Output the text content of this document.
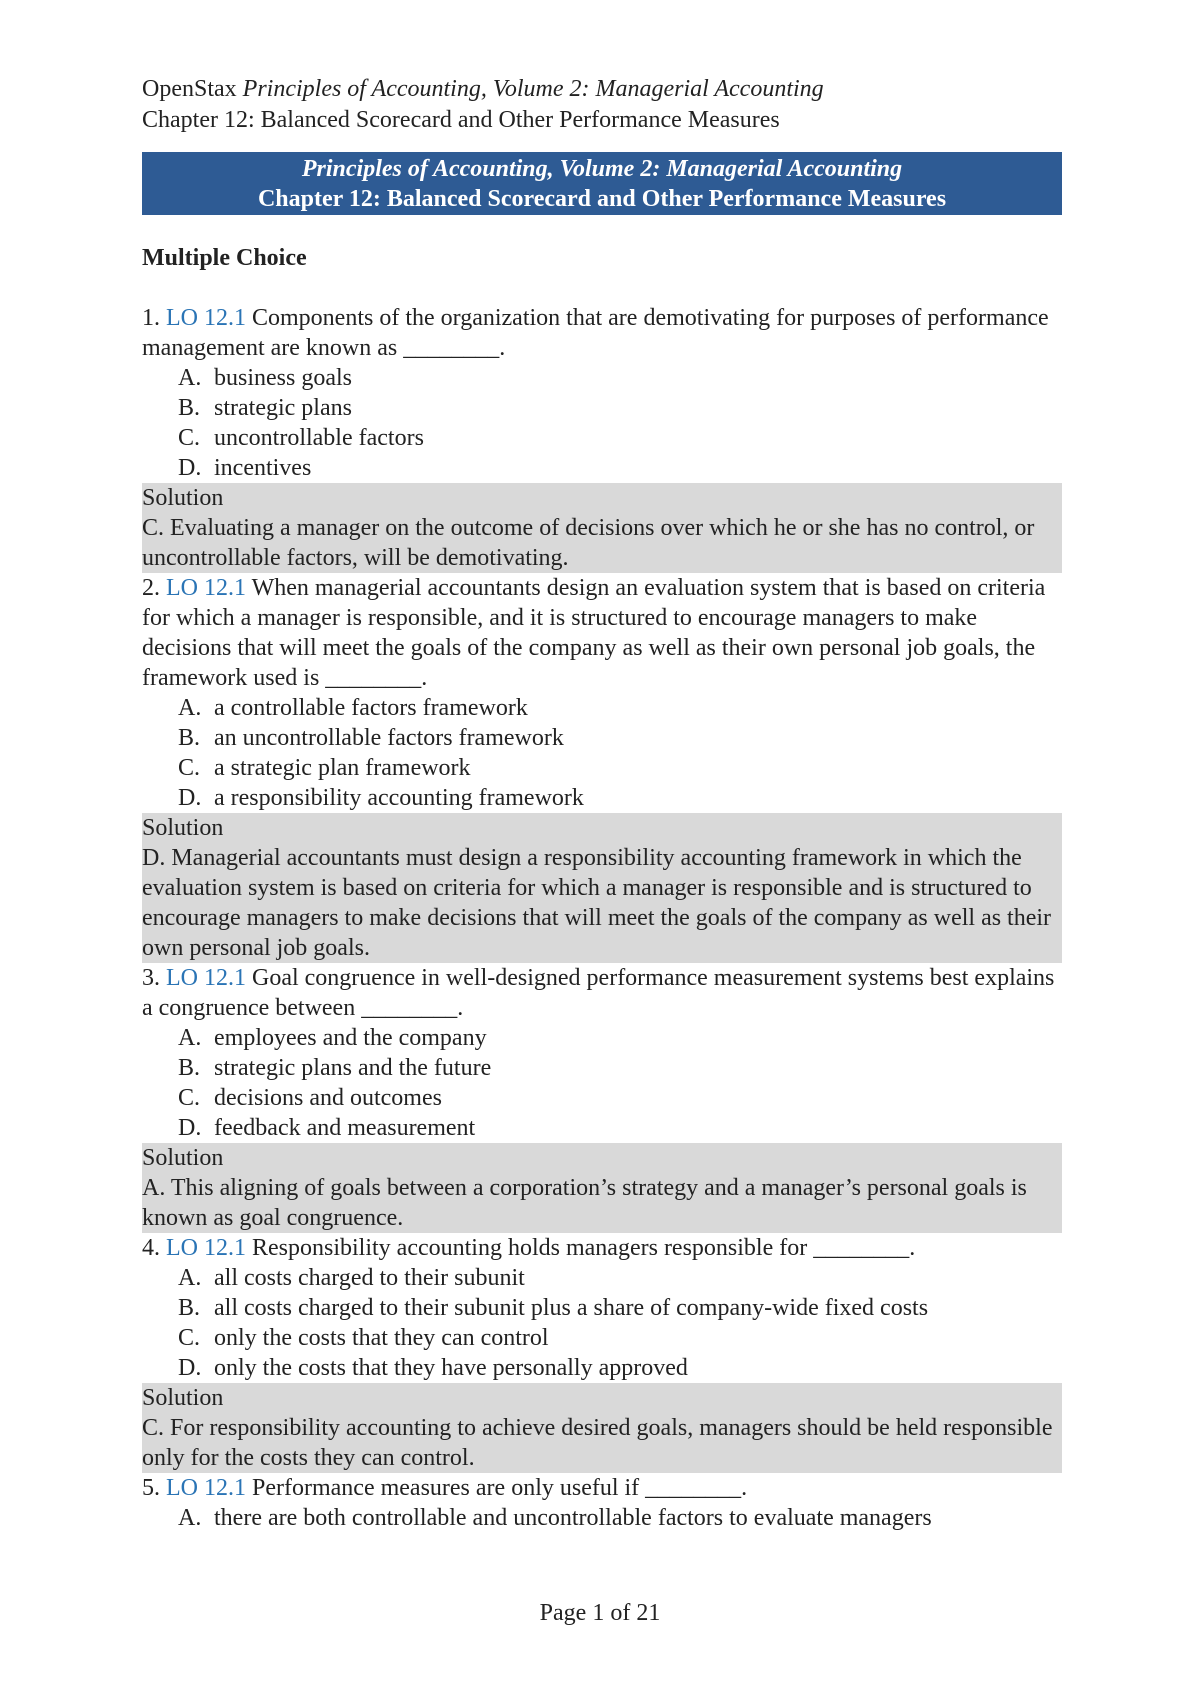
OpenStax Principles of Accounting, Volume 2: Managerial Accounting
Chapter 12: Balanced Scorecard and Other Performance Measures
Principles of Accounting, Volume 2: Managerial Accounting
Chapter 12: Balanced Scorecard and Other Performance Measures
Multiple Choice
1. LO 12.1 Components of the organization that are demotivating for purposes of performance management are known as ________.
A. business goals
B. strategic plans
C. uncontrollable factors
D. incentives
Solution
C. Evaluating a manager on the outcome of decisions over which he or she has no control, or uncontrollable factors, will be demotivating.
2. LO 12.1 When managerial accountants design an evaluation system that is based on criteria for which a manager is responsible, and it is structured to encourage managers to make decisions that will meet the goals of the company as well as their own personal job goals, the framework used is ________.
A. a controllable factors framework
B. an uncontrollable factors framework
C. a strategic plan framework
D. a responsibility accounting framework
Solution
D. Managerial accountants must design a responsibility accounting framework in which the evaluation system is based on criteria for which a manager is responsible and is structured to encourage managers to make decisions that will meet the goals of the company as well as their own personal job goals.
3. LO 12.1 Goal congruence in well-designed performance measurement systems best explains a congruence between ________.
A. employees and the company
B. strategic plans and the future
C. decisions and outcomes
D. feedback and measurement
Solution
A. This aligning of goals between a corporation’s strategy and a manager’s personal goals is known as goal congruence.
4. LO 12.1 Responsibility accounting holds managers responsible for ________.
A. all costs charged to their subunit
B. all costs charged to their subunit plus a share of company-wide fixed costs
C. only the costs that they can control
D. only the costs that they have personally approved
Solution
C. For responsibility accounting to achieve desired goals, managers should be held responsible only for the costs they can control.
5. LO 12.1 Performance measures are only useful if ________.
A. there are both controllable and uncontrollable factors to evaluate managers
Page 1 of 21
